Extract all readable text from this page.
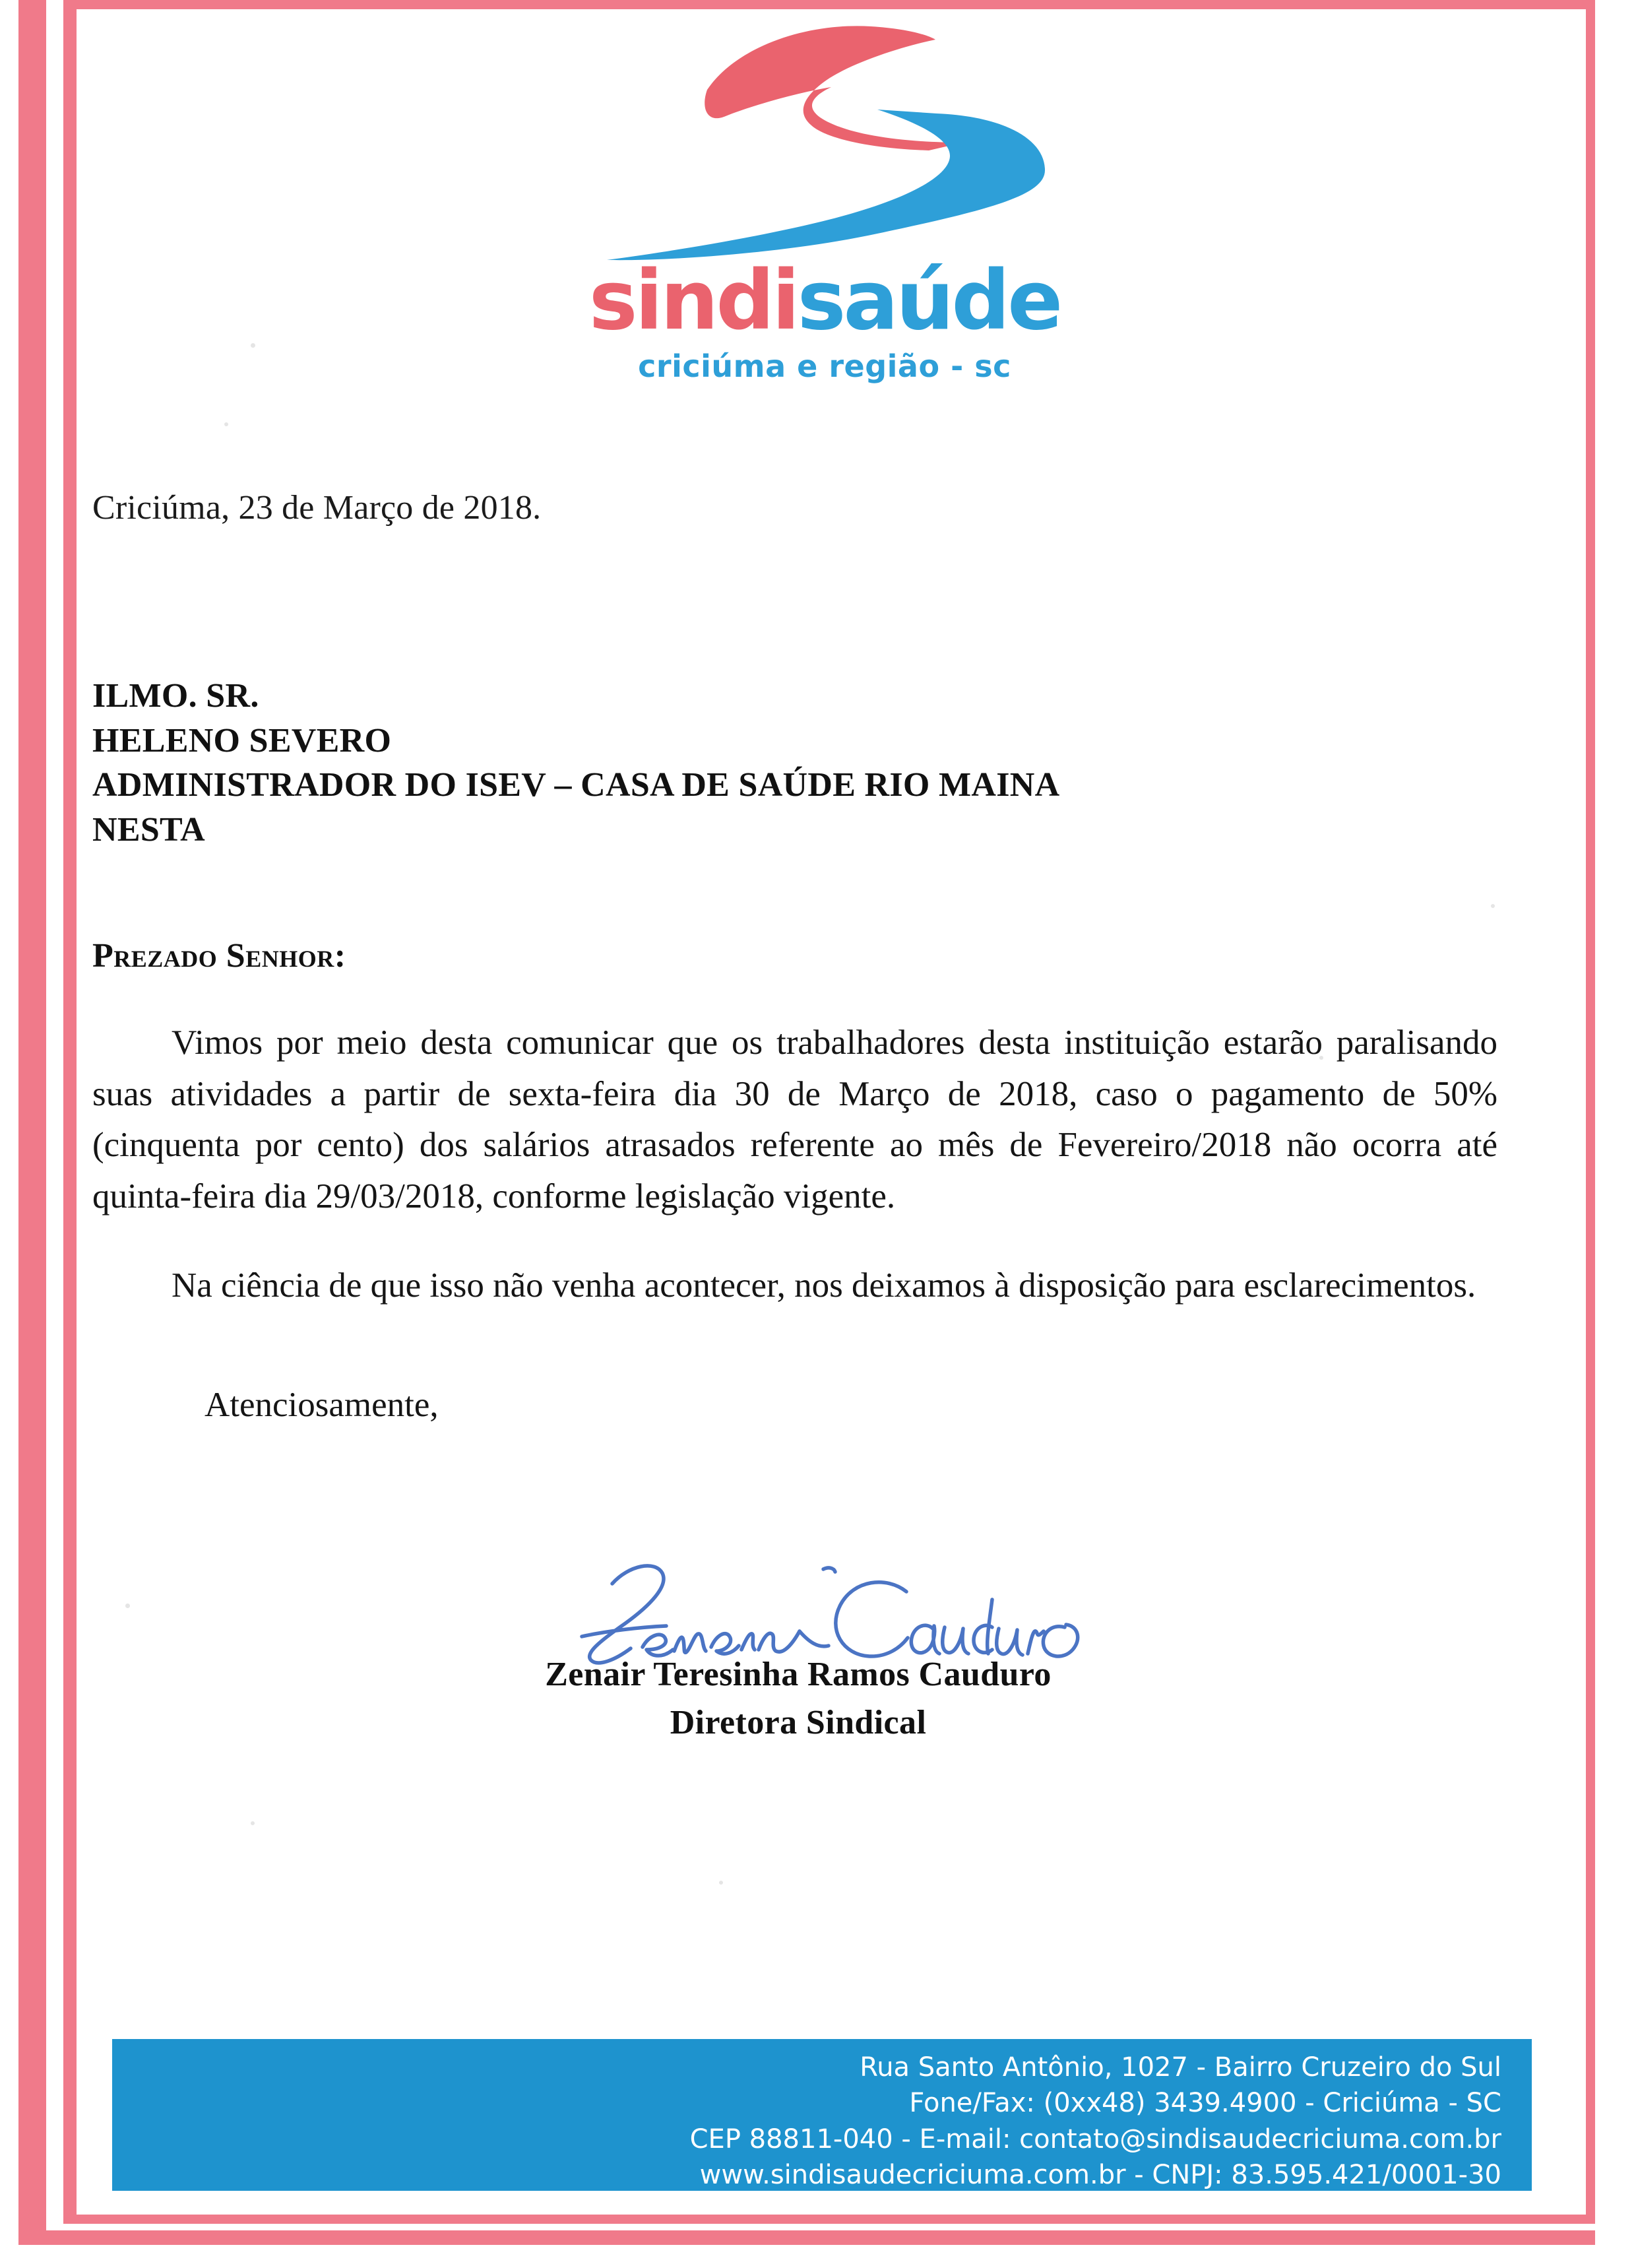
sindisaúde
criciúma e região - sc
Criciúma, 23 de Março de 2018.
ILMO. SR.
HELENO SEVERO
ADMINISTRADOR DO ISEV – CASA DE SAÚDE RIO MAINA
NESTA
Prezado Senhor:
Vimos por meio desta comunicar que os trabalhadores desta instituição estarão paralisando suas atividades a partir de sexta-feira dia 30 de Março de 2018, caso o pagamento de 50% (cinquenta por cento) dos salários atrasados referente ao mês de Fevereiro/2018 não ocorra até quinta-feira dia 29/03/2018, conforme legislação vigente.
Na ciência de que isso não venha acontecer, nos deixamos à disposição para esclarecimentos.
Atenciosamente,
Zenair Teresinha Ramos Cauduro
Diretora Sindical
Rua Santo Antônio, 1027 - Bairro Cruzeiro do Sul
Fone/Fax: (0xx48) 3439.4900 - Criciúma - SC
CEP 88811-040 - E-mail: contato@sindisaudecriciuma.com.br
www.sindisaudecriciuma.com.br - CNPJ: 83.595.421/0001-30
